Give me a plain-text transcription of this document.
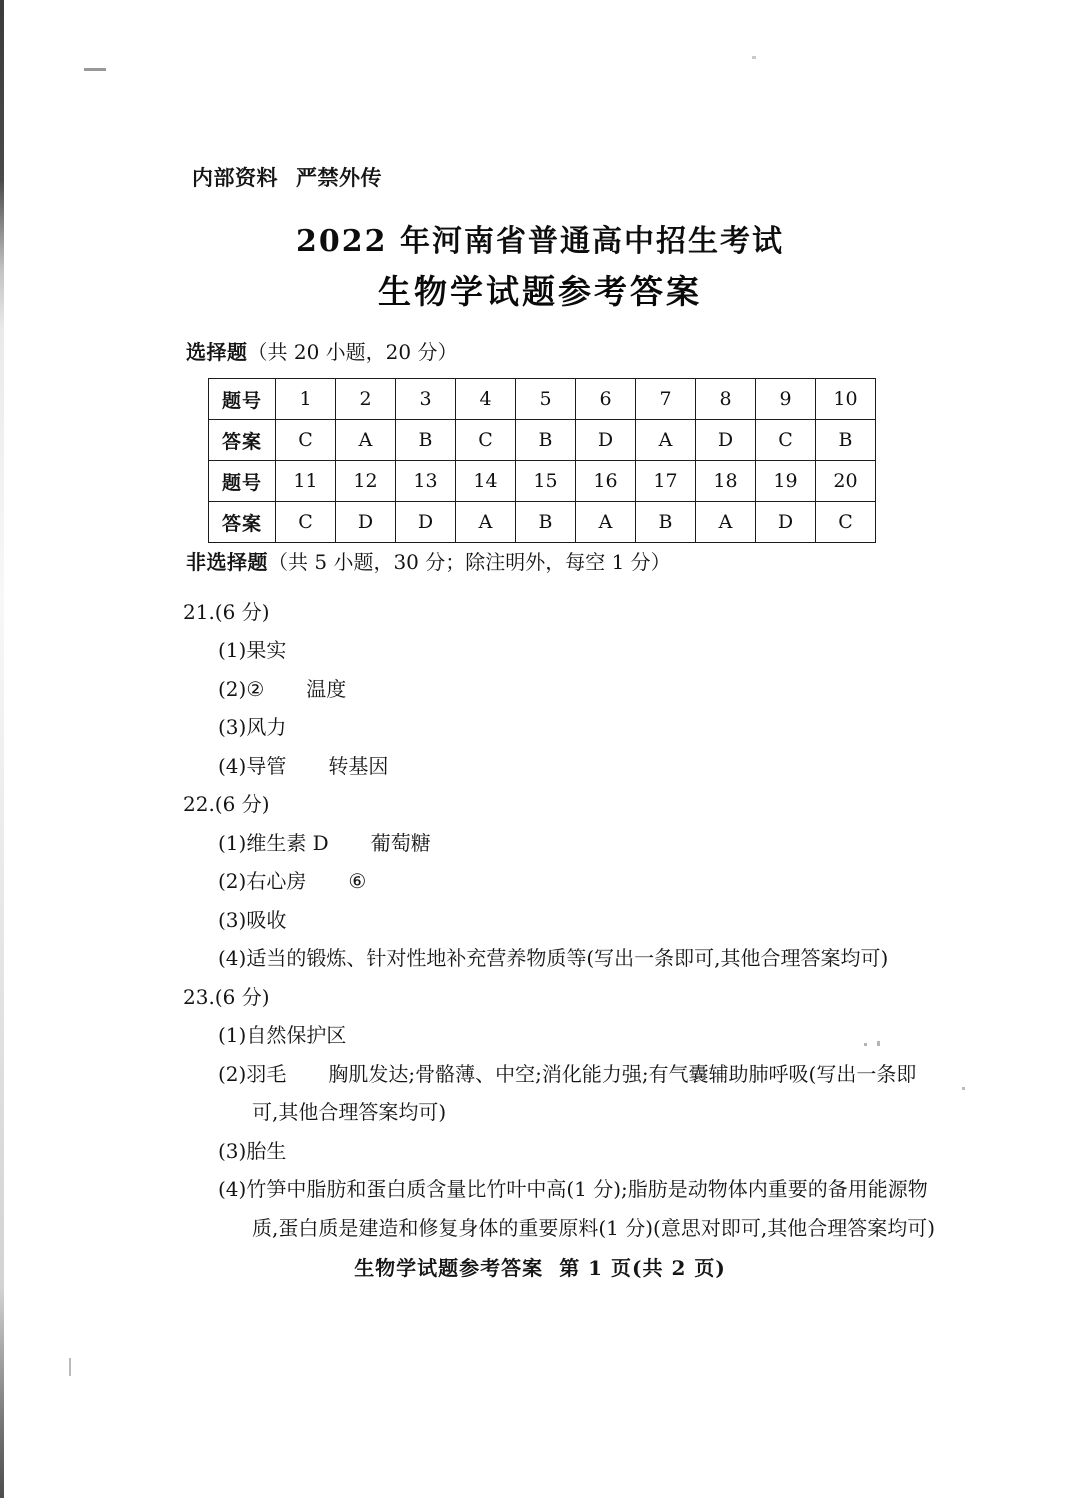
内部资料 严禁外传
2022 年河南省普通高中招生考试
生物学试题参考答案
选择题（共 20 小题，20 分）
题号	1	2	3	4	5	6	7	8	9	10
答案	C	A	B	C	B	D	A	D	C	B
题号	11	12	13	14	15	16	17	18	19	20
答案	C	D	D	A	B	A	B	A	D	C
非选择题（共 5 小题，30 分；除注明外，每空 1 分）
21.(6 分)
(1)果实
(2)② 温度
(3)风力
(4)导管 转基因
22.(6 分)
(1)维生素 D 葡萄糖
(2)右心房 ⑥
(3)吸收
(4)适当的锻炼、针对性地补充营养物质等(写出一条即可,其他合理答案均可)
23.(6 分)
(1)自然保护区
(2)羽毛 胸肌发达;骨骼薄、中空;消化能力强;有气囊辅助肺呼吸(写出一条即
可,其他合理答案均可)
(3)胎生
(4)竹笋中脂肪和蛋白质含量比竹叶中高(1 分);脂肪是动物体内重要的备用能源物
质,蛋白质是建造和修复身体的重要原料(1 分)(意思对即可,其他合理答案均可)
生物学试题参考答案 第 1 页(共 2 页)
